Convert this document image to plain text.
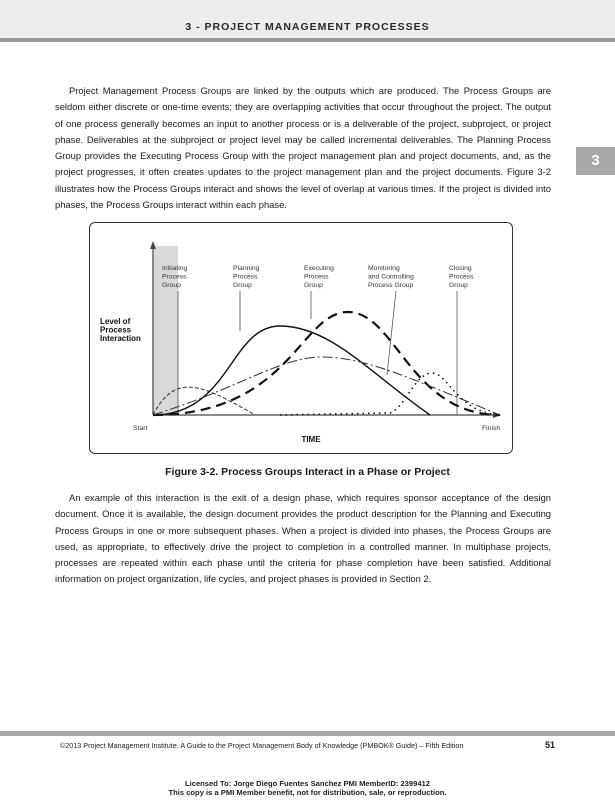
3 - PROJECT MANAGEMENT PROCESSES
3

Project Management Process Groups are linked by the outputs which are produced. The Process Groups are seldom either discrete or one-time events; they are overlapping activities that occur throughout the project. The output of one process generally becomes an input to another process or is a deliverable of the project, subproject, or project phase. Deliverables at the subproject or project level may be called incremental deliverables. The Planning Process Group provides the Executing Process Group with the project management plan and project documents, and, as the project progresses, it often creates updates to the project management plan and the project documents. Figure 3-2 illustrates how the Process Groups interact and shows the level of overlap at various times. If the project is divided into phases, the Process Groups interact within each phase.

Initiating Process Group
Planning Process Group
Executing Process Group
Monitoring and Controlling Process Group
Closing Process Group
Level of Process Interaction
Start	Finish
TIME
Figure 3-2. Process Groups Interact in a Phase or Project

An example of this interaction is the exit of a design phase, which requires sponsor acceptance of the design document. Once it is available, the design document provides the product description for the Planning and Executing Process Groups in one or more subsequent phases. When a project is divided into phases, the Process Groups are used, as appropriate, to effectively drive the project to completion in a controlled manner. In multiphase projects, processes are repeated within each phase until the criteria for phase completion have been satisfied. Additional information on project organization, life cycles, and project phases is provided in Section 2.

©2013 Project Management Institute. A Guide to the Project Management Body of Knowledge (PMBOK® Guide) – Fifth Edition	51
Licensed To: Jorge Diego Fuentes Sanchez PMI MemberID: 2399412
This copy is a PMI Member benefit, not for distribution, sale, or reproduction.
